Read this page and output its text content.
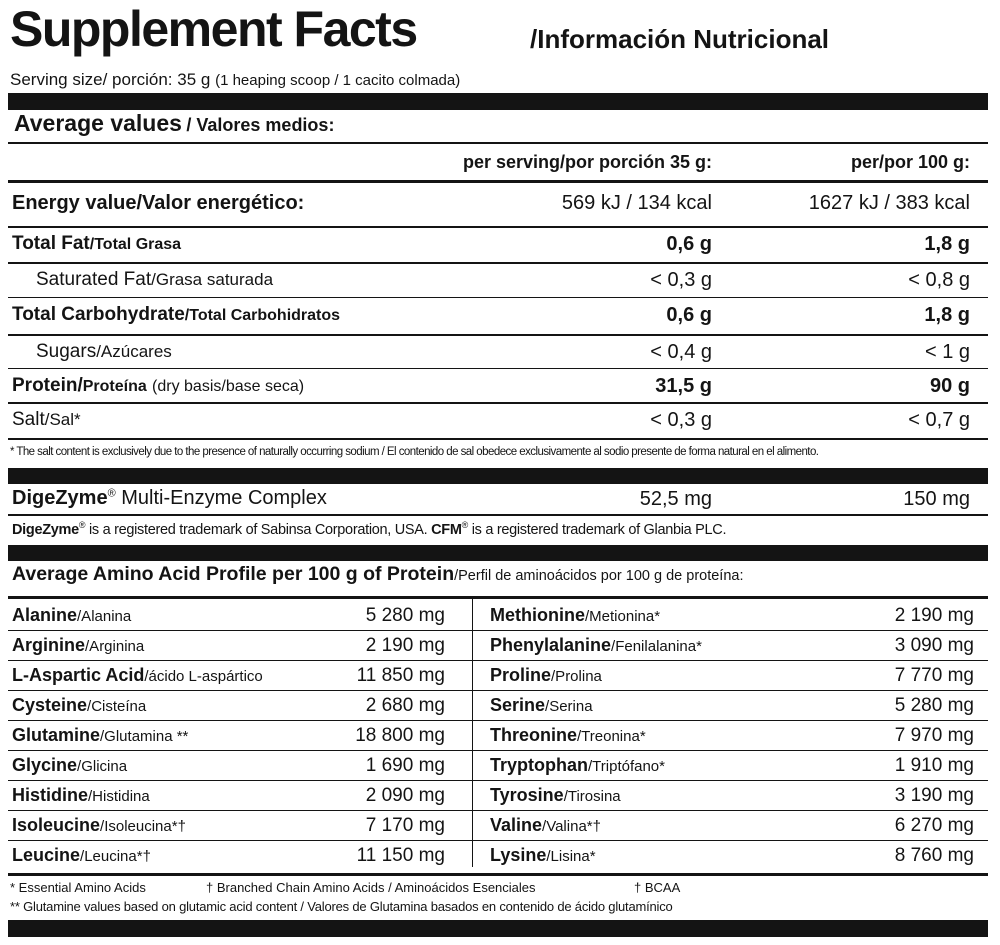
Supplement Facts	/Información Nutricional
Serving size/ porción: 35 g (1 heaping scoop / 1 cacito colmada)
Average values / Valores medios:
per serving/por porción 35 g:	per/por 100 g:
Energy value/Valor energético:	569 kJ / 134 kcal	1627 kJ / 383 kcal
Total Fat/Total Grasa	0,6 g	1,8 g
Saturated Fat/Grasa saturada	< 0,3 g	< 0,8 g
Total Carbohydrate/Total Carbohidratos	0,6 g	1,8 g
Sugars/Azúcares	< 0,4 g	< 1 g
Protein/Proteína (dry basis/base seca)	31,5 g	90 g
Salt/Sal*	< 0,3 g	< 0,7 g
* The salt content is exclusively due to the presence of naturally occurring sodium / El contenido de sal obedece exclusivamente al sodio presente de forma natural en el alimento.
DigeZyme® Multi-Enzyme Complex	52,5 mg	150 mg
DigeZyme® is a registered trademark of Sabinsa Corporation, USA. CFM® is a registered trademark of Glanbia PLC.
Average Amino Acid Profile per 100 g of Protein/Perfil de aminoácidos por 100 g de proteína:
Alanine/Alanina	5 280 mg	Methionine/Metionina*	2 190 mg
Arginine/Arginina	2 190 mg	Phenylalanine/Fenilalanina*	3 090 mg
L-Aspartic Acid/ácido L-aspártico	11 850 mg	Proline/Prolina	7 770 mg
Cysteine/Cisteína	2 680 mg	Serine/Serina	5 280 mg
Glutamine/Glutamina **	18 800 mg	Threonine/Treonina*	7 970 mg
Glycine/Glicina	1 690 mg	Tryptophan/Triptófano*	1 910 mg
Histidine/Histidina	2 090 mg	Tyrosine/Tirosina	3 190 mg
Isoleucine/Isoleucina*†	7 170 mg	Valine/Valina*†	6 270 mg
Leucine/Leucina*†	11 150 mg	Lysine/Lisina*	8 760 mg
* Essential Amino Acids	† Branched Chain Amino Acids / Aminoácidos Esenciales	† BCAA
** Glutamine values based on glutamic acid content / Valores de Glutamina basados en contenido de ácido glutamínico
